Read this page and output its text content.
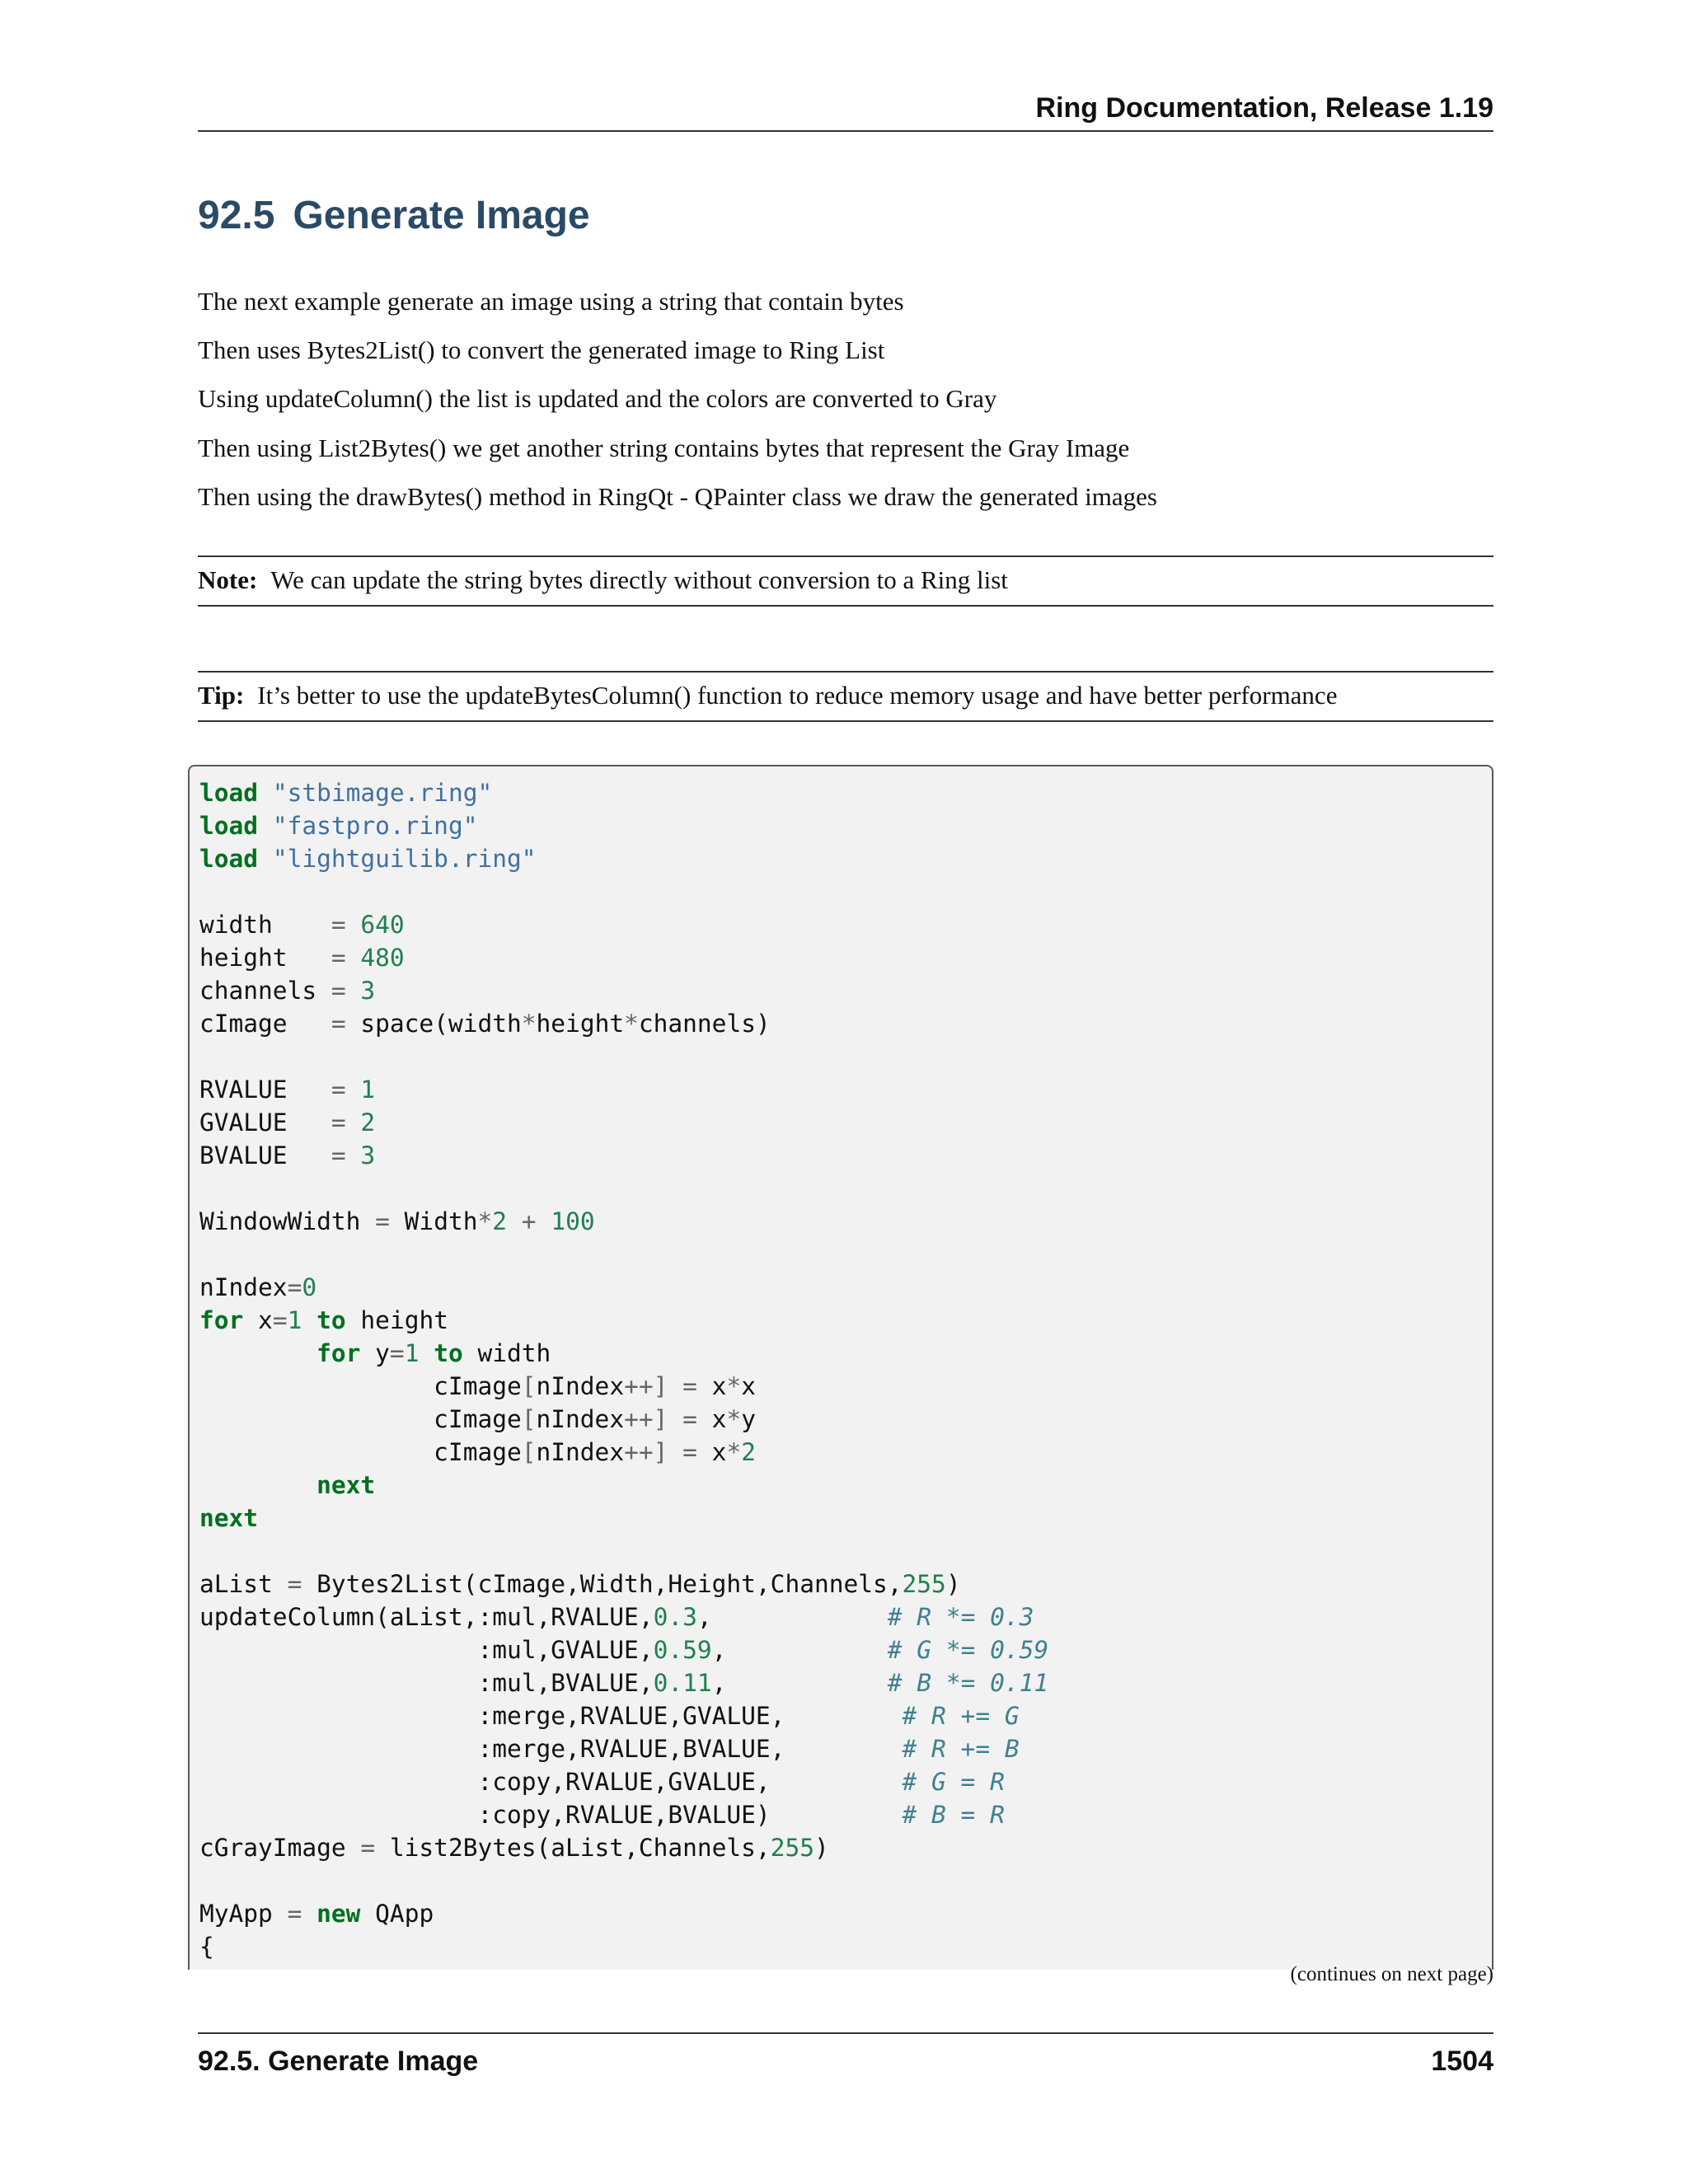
Ring Documentation, Release 1.19
92.5 Generate Image
The next example generate an image using a string that contain bytes
Then uses Bytes2List() to convert the generated image to Ring List
Using updateColumn() the list is updated and the colors are converted to Gray
Then using List2Bytes() we get another string contains bytes that represent the Gray Image
Then using the drawBytes() method in RingQt - QPainter class we draw the generated images
Note: We can update the string bytes directly without conversion to a Ring list
Tip: It’s better to use the updateBytesColumn() function to reduce memory usage and have better performance
load "stbimage.ring"
load "fastpro.ring"
load "lightguilib.ring"

width    = 640
height   = 480
channels = 3
cImage   = space(width*height*channels)

RVALUE   = 1
GVALUE   = 2
BVALUE   = 3

WindowWidth = Width*2 + 100

nIndex=0
for x=1 to height
	for y=1 to width
		cImage[nIndex++] = x*x
		cImage[nIndex++] = x*y
		cImage[nIndex++] = x*2
	next
next

aList = Bytes2List(cImage,Width,Height,Channels,255)
updateColumn(aList,:mul,RVALUE,0.3,            # R *= 0.3
:mul,GVALUE,0.59,           # G *= 0.59
:mul,BVALUE,0.11,           # B *= 0.11
:merge,RVALUE,GVALUE,        # R += G
:merge,RVALUE,BVALUE,        # R += B
:copy,RVALUE,GVALUE,         # G = R
:copy,RVALUE,BVALUE)         # B = R
cGrayImage = list2Bytes(aList,Channels,255)

MyApp = new QApp
{

(continues on next page)
92.5. Generate Image	1504
